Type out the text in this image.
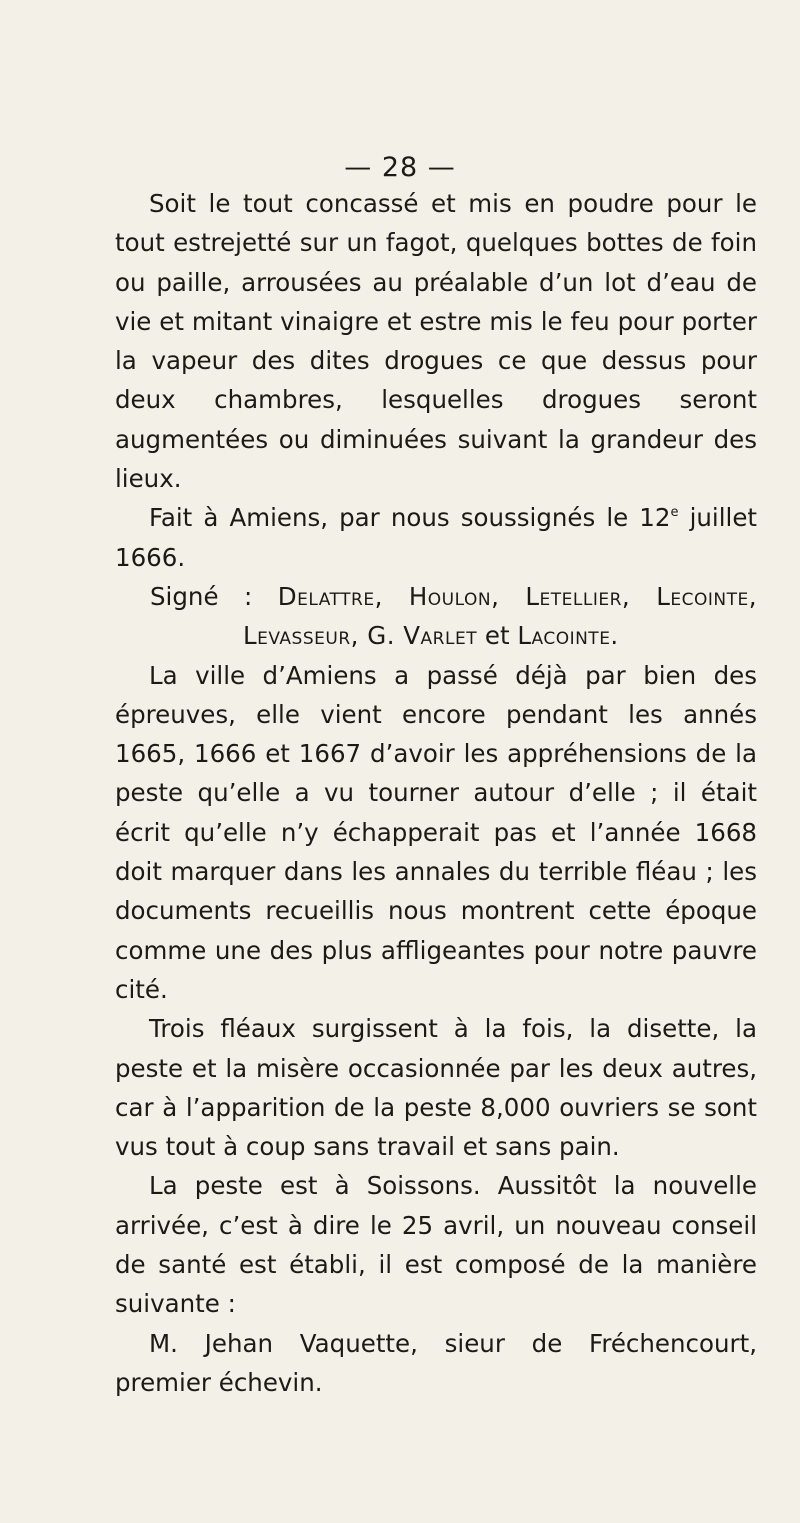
— 28 —

Soit le tout concassé et mis en poudre pour le tout estrejetté sur un fagot, quelques bottes de foin ou paille, arrousées au préalable d’un lot d’eau de vie et mitant vinaigre et estre mis le feu pour porter la vapeur des dites drogues ce que dessus pour deux chambres, lesquelles drogues seront augmentées ou diminuées suivant la grandeur des lieux.

Fait à Amiens, par nous soussignés le 12e juillet 1666.

Signé : Delattre, Houlon, Letellier, Lecointe, Levasseur, G. Varlet et Lacointe.

La ville d’Amiens a passé déjà par bien des épreuves, elle vient encore pendant les annés 1665, 1666 et 1667 d’avoir les appréhensions de la peste qu’elle a vu tourner autour d’elle ; il était écrit qu’elle n’y échapperait pas et l’année 1668 doit marquer dans les annales du terrible fléau ; les documents recueillis nous montrent cette époque comme une des plus affligeantes pour notre pauvre cité.

Trois fléaux surgissent à la fois, la disette, la peste et la misère occasionnée par les deux autres, car à l’apparition de la peste 8,000 ouvriers se sont vus tout à coup sans travail et sans pain.

La peste est à Soissons. Aussitôt la nouvelle arrivée, c’est à dire le 25 avril, un nouveau conseil de santé est établi, il est composé de la manière suivante :

M. Jehan Vaquette, sieur de Fréchencourt, premier échevin.
